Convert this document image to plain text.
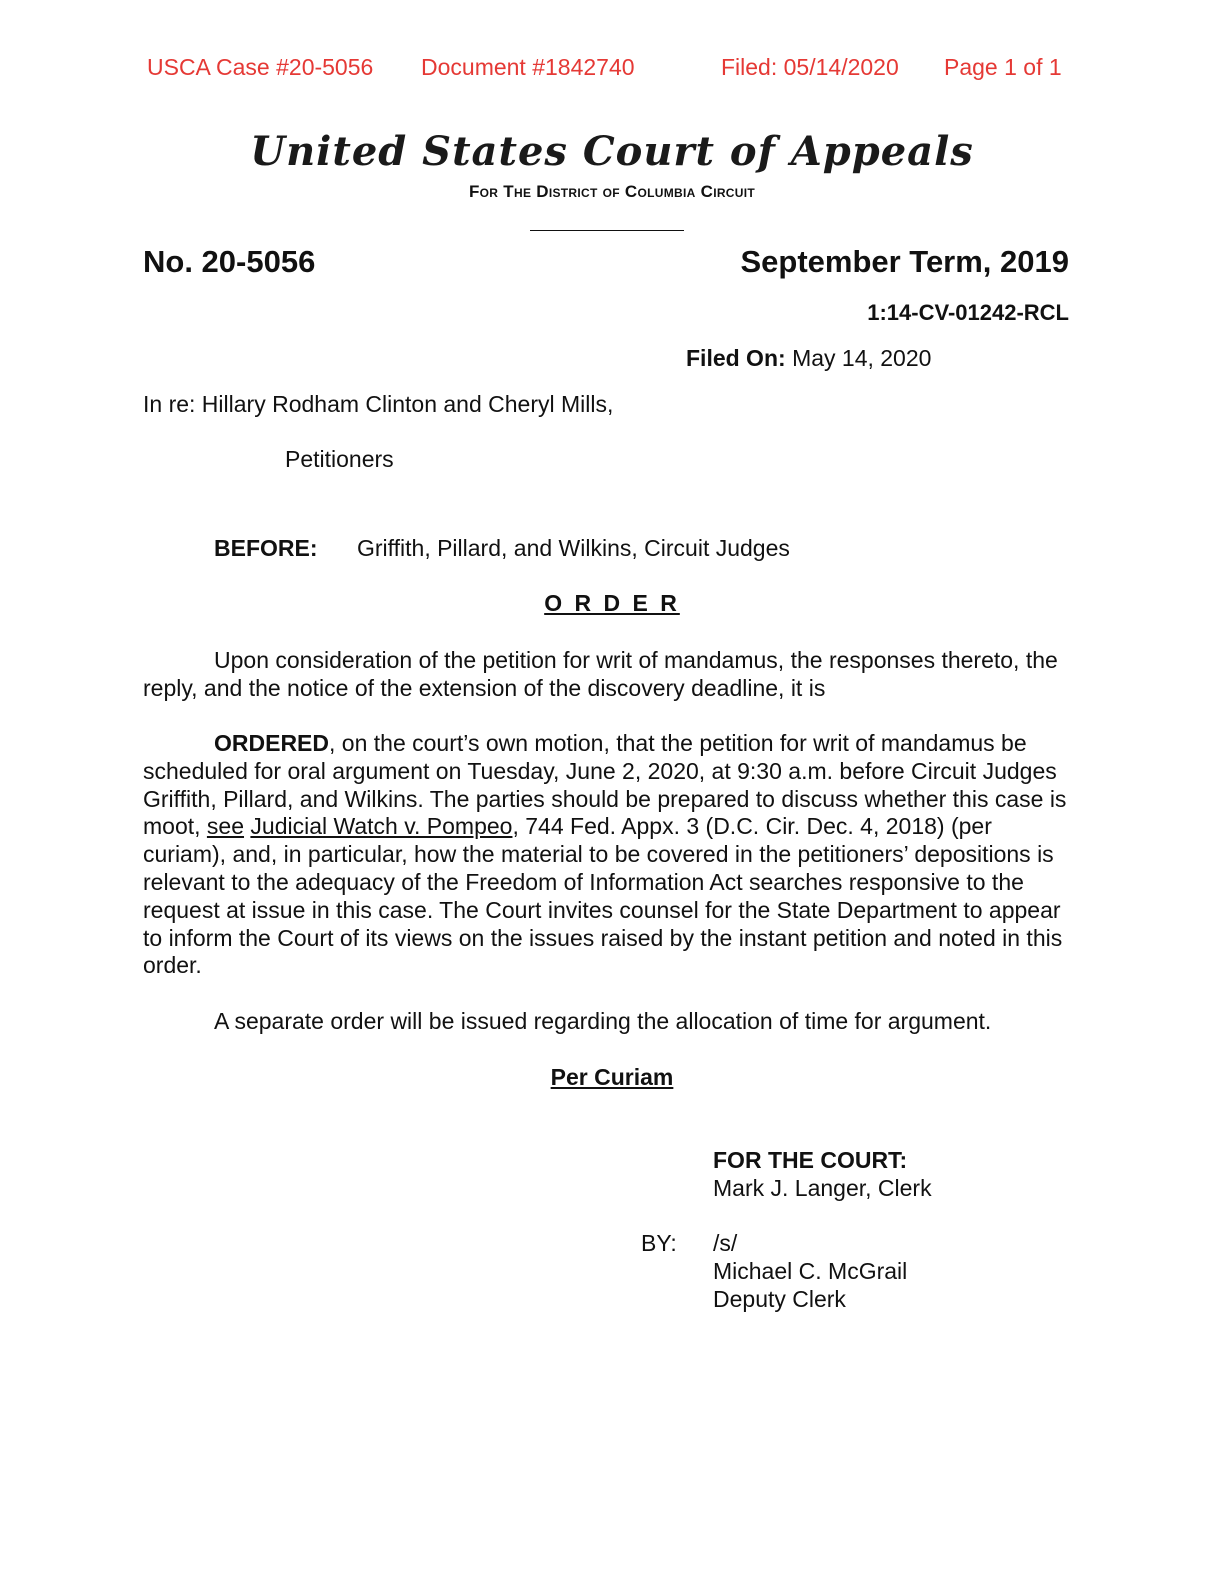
USCA Case #20-5056 Document #1842740	Filed: 05/14/2020 Page 1 of 1
United States Court of Appeals
For The District of Columbia Circuit
No. 20-5056	September Term, 2019
1:14-CV-01242-RCL
Filed On: May 14, 2020
In re: Hillary Rodham Clinton and Cheryl Mills,
Petitioners
BEFORE: Griffith, Pillard, and Wilkins, Circuit Judges
O R D E R
Upon consideration of the petition for writ of mandamus, the responses thereto, the reply, and the notice of the extension of the discovery deadline, it is
ORDERED, on the court’s own motion, that the petition for writ of mandamus be scheduled for oral argument on Tuesday, June 2, 2020, at 9:30 a.m. before Circuit Judges Griffith, Pillard, and Wilkins. The parties should be prepared to discuss whether this case is moot, see Judicial Watch v. Pompeo, 744 Fed. Appx. 3 (D.C. Cir. Dec. 4, 2018) (per curiam), and, in particular, how the material to be covered in the petitioners’ depositions is relevant to the adequacy of the Freedom of Information Act searches responsive to the request at issue in this case. The Court invites counsel for the State Department to appear to inform the Court of its views on the issues raised by the instant petition and noted in this order.
A separate order will be issued regarding the allocation of time for argument.
Per Curiam
FOR THE COURT:
Mark J. Langer, Clerk
BY: /s/
Michael C. McGrail
Deputy Clerk
